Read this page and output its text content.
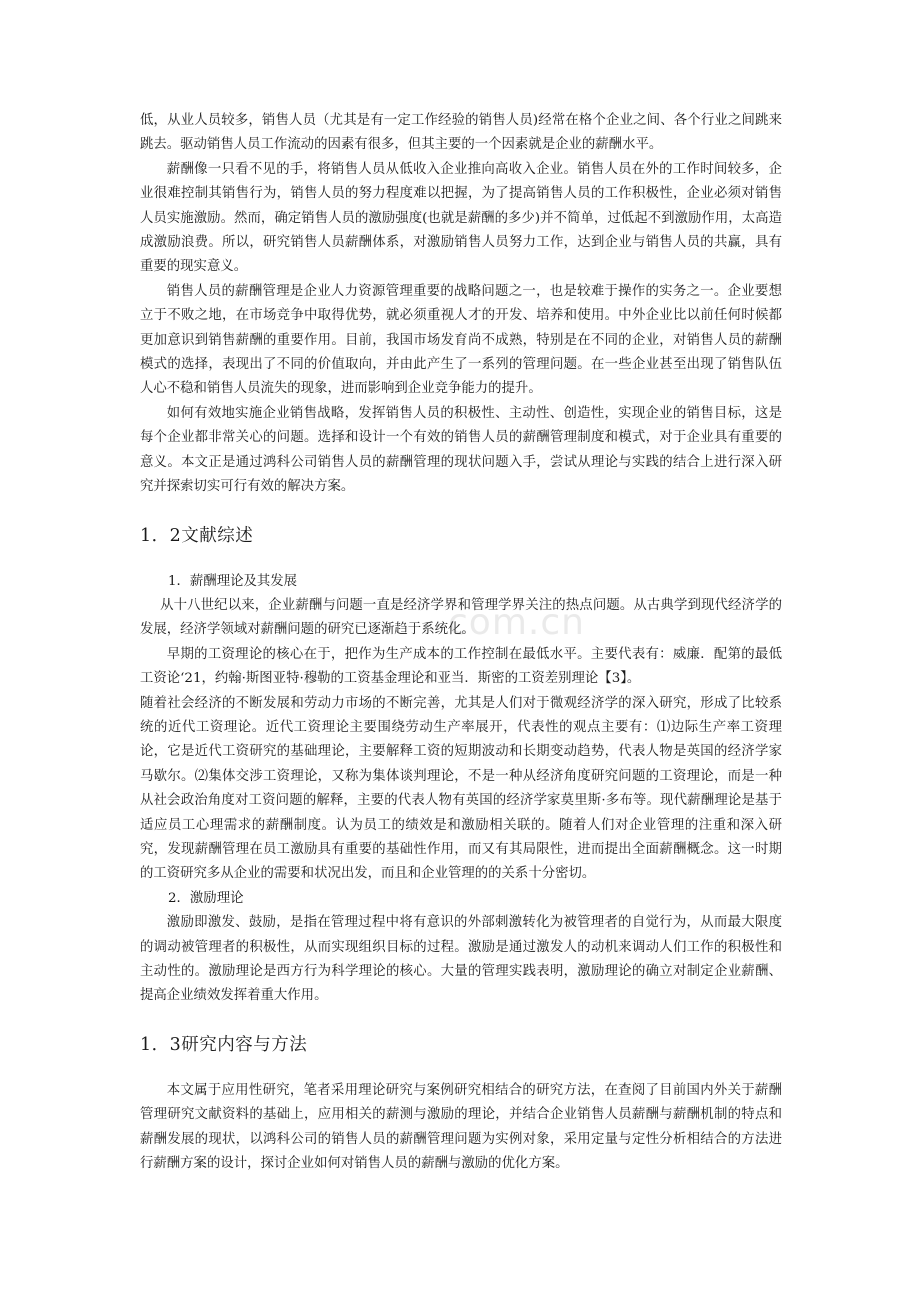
com.cn

低，从业人员较多，销售人员（尤其是有一定工作经验的销售人员)经常在格个企业之间、各个行业之间跳来跳去。驱动销售人员工作流动的因素有很多，但其主要的一个因素就是企业的薪酬水平。

薪酬像一只看不见的手，将销售人员从低收入企业推向高收入企业。销售人员在外的工作时间较多，企业很难控制其销售行为，销售人员的努力程度难以把握，为了提高销售人员的工作积极性，企业必须对销售人员实施激励。然而，确定销售人员的激励强度(也就是薪酬的多少)并不简单，过低起不到激励作用，太高造成激励浪费。所以，研究销售人员薪酬体系，对激励销售人员努力工作，达到企业与销售人员的共赢，具有重要的现实意义。

销售人员的薪酬管理是企业人力资源管理重要的战略问题之一，也是较难于操作的实务之一。企业要想立于不败之地，在市场竞争中取得优势，就必须重视人才的开发、培养和使用。中外企业比以前任何时候都更加意识到销售薪酬的重要作用。目前，我国市场发育尚不成熟，特别是在不同的企业，对销售人员的薪酬模式的选择，表现出了不同的价值取向，并由此产生了一系列的管理问题。在一些企业甚至出现了销售队伍人心不稳和销售人员流失的现象，进而影响到企业竞争能力的提升。

如何有效地实施企业销售战略，发挥销售人员的积极性、主动性、创造性，实现企业的销售目标，这是每个企业都非常关心的问题。选择和设计一个有效的销售人员的薪酬管理制度和模式，对于企业具有重要的意义。本文正是通过鸿科公司销售人员的薪酬管理的现状问题入手，尝试从理论与实践的结合上进行深入研究并探索切实可行有效的解决方案。

1．2文献综述
1．薪酬理论及其发展

从十八世纪以来，企业薪酬与问题一直是经济学界和管理学界关注的热点问题。从古典学到现代经济学的发展，经济学领域对薪酬问题的研究已逐渐趋于系统化。

早期的工资理论的核心在于，把作为生产成本的工作控制在最低水平。主要代表有：威廉．配第的最低工资论‘21，约翰·斯图亚特·穆勒的工资基金理论和亚当．斯密的工资差别理论【3】。

随着社会经济的不断发展和劳动力市场的不断完善，尤其是人们对于微观经济学的深入研究，形成了比较系统的近代工资理论。近代工资理论主要围绕劳动生产率展开，代表性的观点主要有：⑴边际生产率工资理论，它是近代工资研究的基础理论，主要解释工资的短期波动和长期变动趋势，代表人物是英国的经济学家马歇尔。⑵集体交涉工资理论，又称为集体谈判理论，不是一种从经济角度研究问题的工资理论，而是一种从社会政治角度对工资问题的解释，主要的代表人物有英国的经济学家莫里斯·多布等。现代薪酬理论是基于适应员工心理需求的薪酬制度。认为员工的绩效是和激励相关联的。随着人们对企业管理的注重和深入研究，发现薪酬管理在员工激励具有重要的基础性作用，而又有其局限性，进而提出全面薪酬概念。这一时期的工资研究多从企业的需要和状况出发，而且和企业管理的的关系十分密切。

2．激励理论

激励即激发、鼓励，是指在管理过程中将有意识的外部刺激转化为被管理者的自觉行为，从而最大限度的调动被管理者的积极性，从而实现组织目标的过程。激励是通过激发人的动机来调动人们工作的积极性和主动性的。激励理论是西方行为科学理论的核心。大量的管理实践表明，激励理论的确立对制定企业薪酬、提高企业绩效发挥着重大作用。

1．3研究内容与方法

本文属于应用性研究，笔者采用理论研究与案例研究相结合的研究方法，在查阅了目前国内外关于薪酬管理研究文献资料的基础上，应用相关的薪测与激励的理论，并结合企业销售人员薪酬与薪酬机制的特点和薪酬发展的现状，以鸿科公司的销售人员的薪酬管理问题为实例对象，采用定量与定性分析相结合的方法进行薪酬方案的设计，探讨企业如何对销售人员的薪酬与激励的优化方案。
